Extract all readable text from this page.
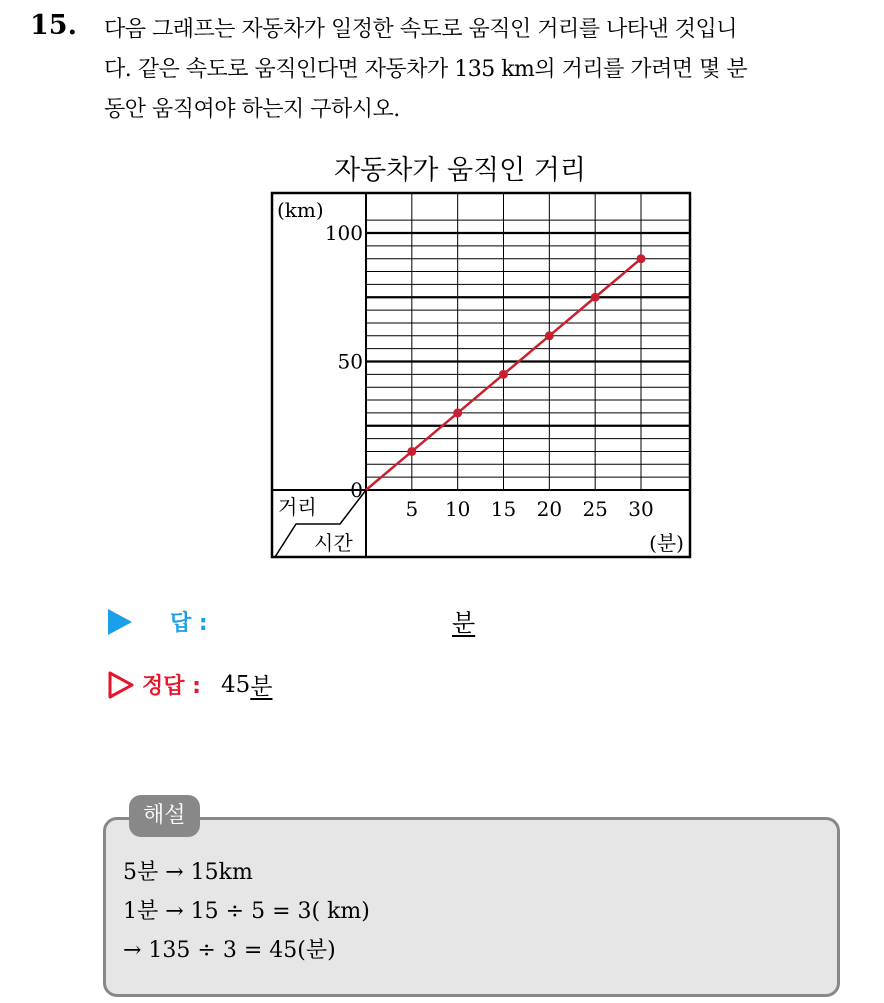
15. 다음 그래프는 자동차가 일정한 속도로 움직인 거리를 나타낸 것입니
다. 같은 속도로 움직인다면 자동차가 135 km의 거리를 가려면 몇 분
동안 움직여야 하는지 구하시오.
자동차가 움직인 거리
(km)
거리
시간	(분)
0
50
100
5 10 15 20 25 30
답 :	분
정답 : 45 분
해설
5분 → 15km
1분 → 15 ÷ 5 = 3( km)
→ 135 ÷ 3 = 45(분)
